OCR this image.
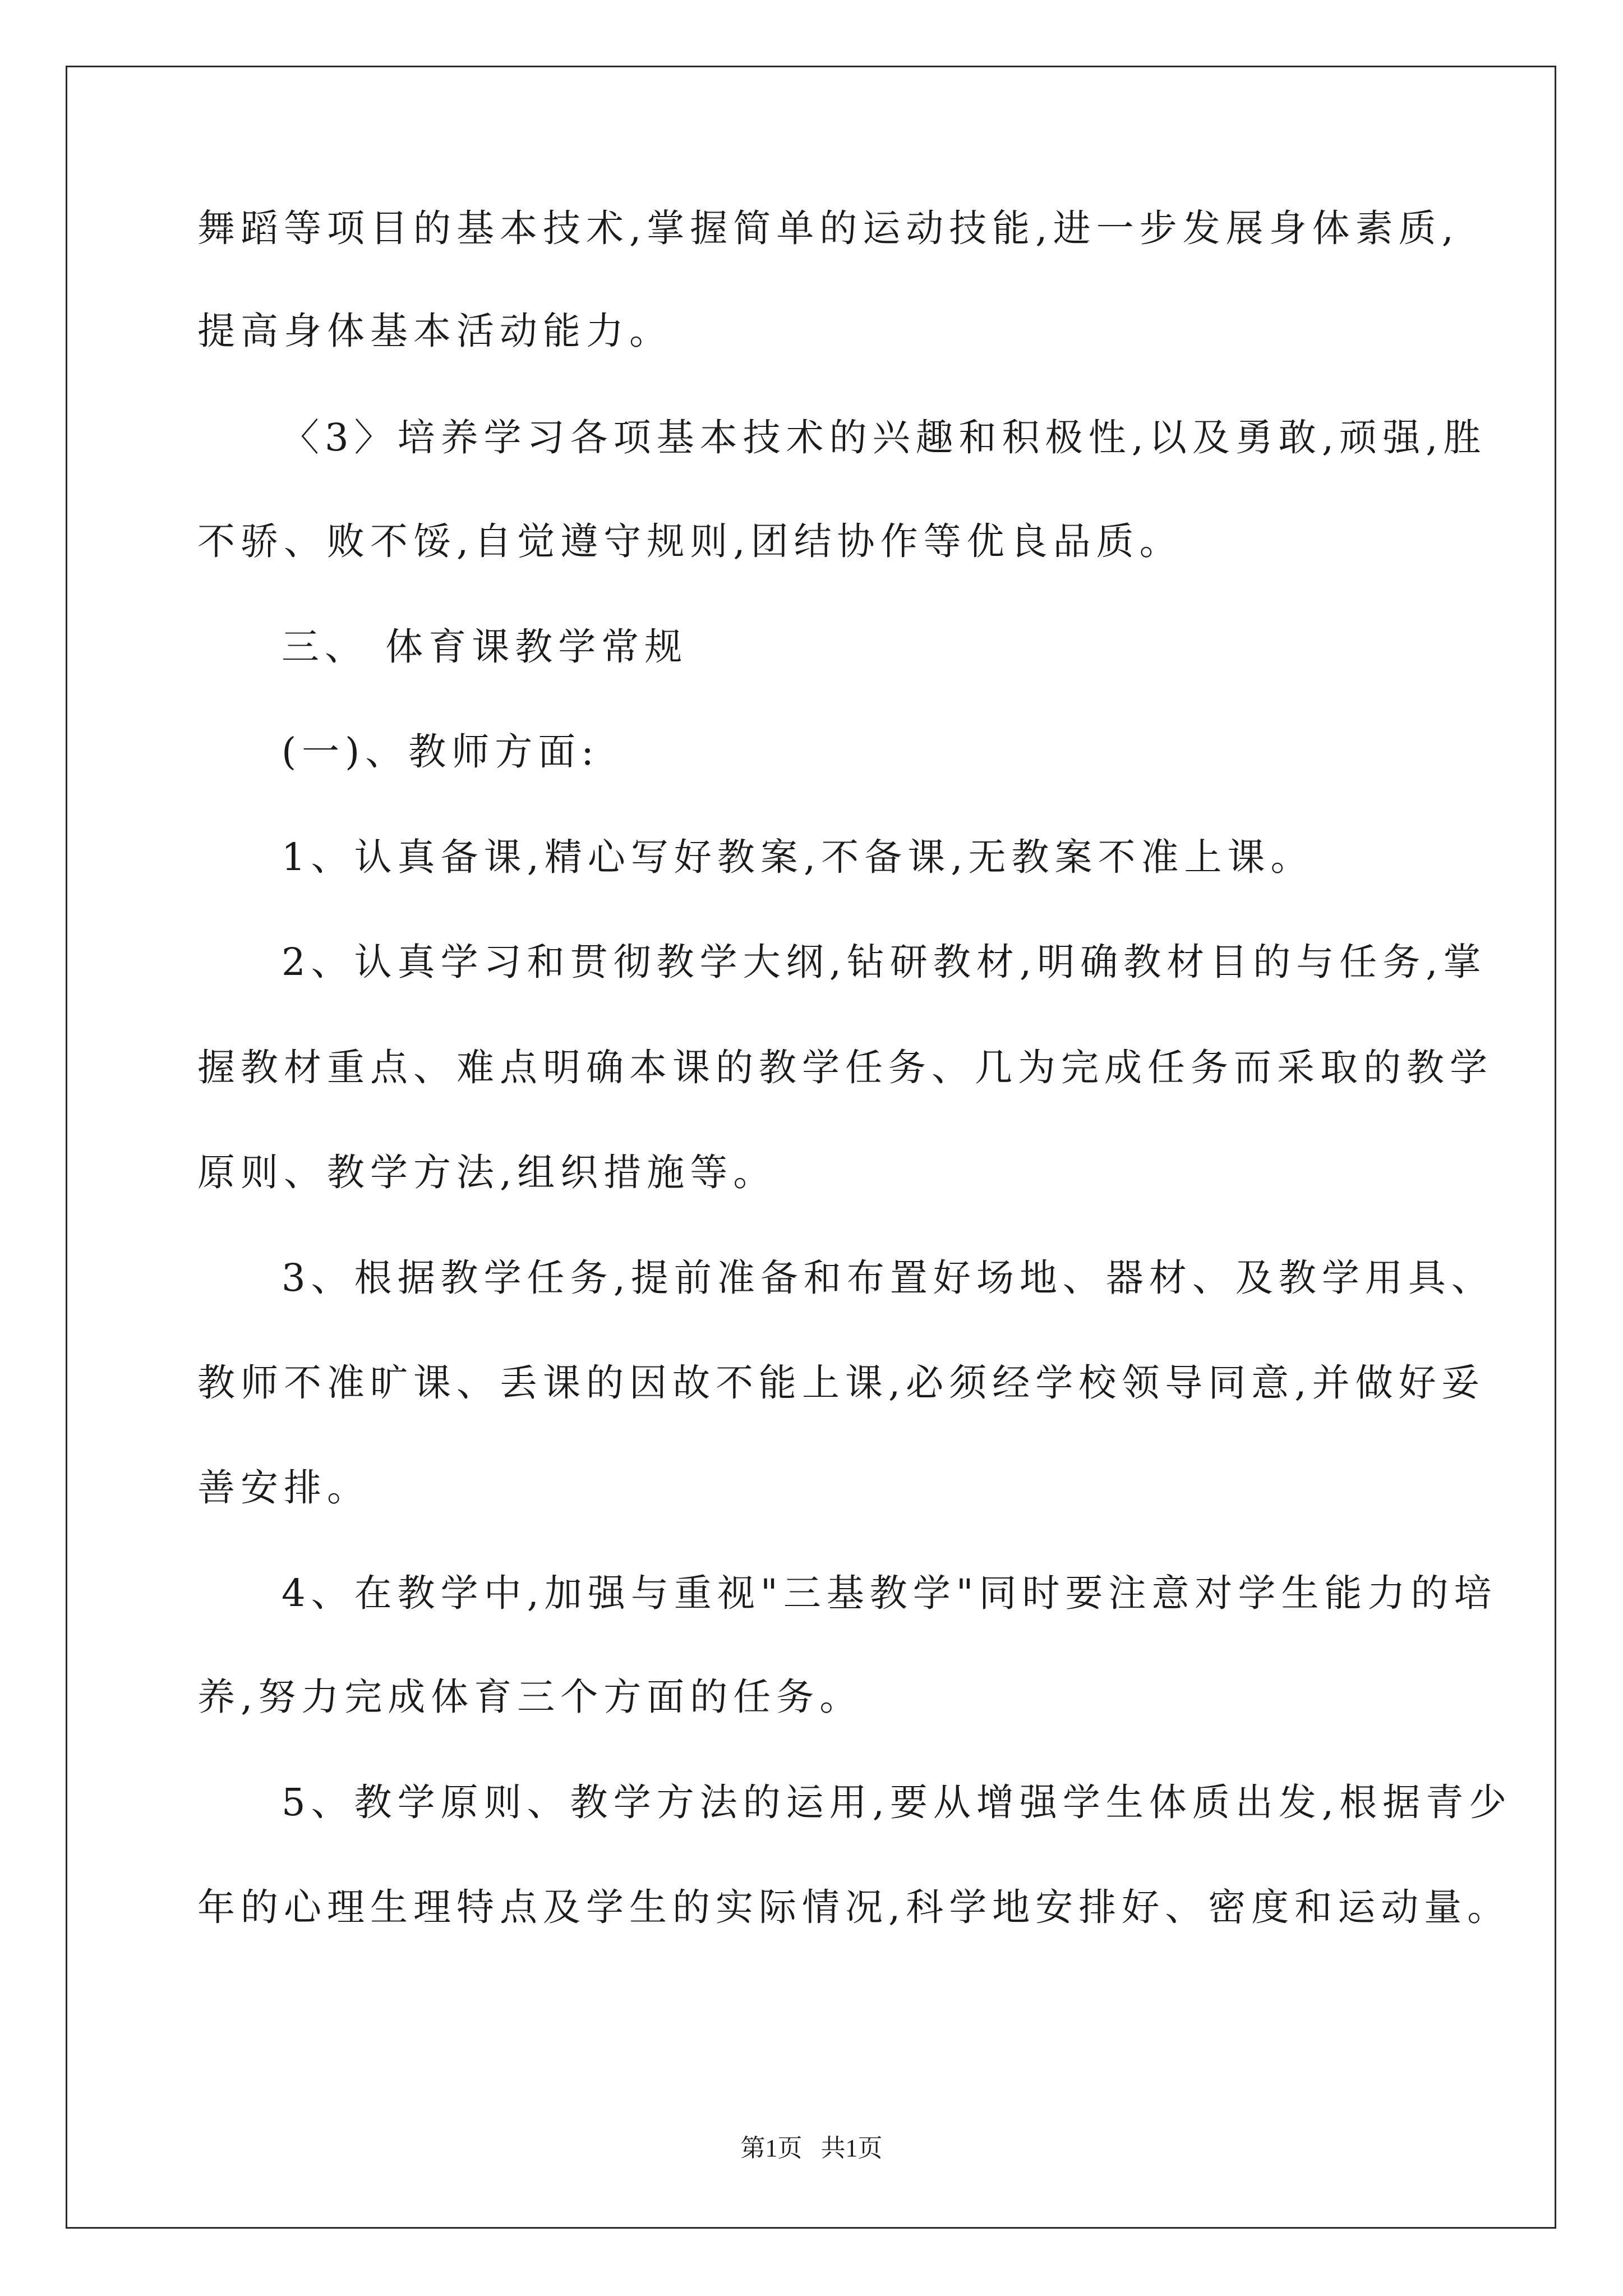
舞蹈等项目的基本技术,掌握简单的运动技能,进一步发展身体素质,

提高身体基本活动能力。

〈3〉培养学习各项基本技术的兴趣和积极性,以及勇敢,顽强,胜

不骄、败不馁,自觉遵守规则,团结协作等优良品质。

三、 体育课教学常规

(一)、教师方面:

1、认真备课,精心写好教案,不备课,无教案不准上课。

2、认真学习和贯彻教学大纲,钻研教材,明确教材目的与任务,掌

握教材重点、难点明确本课的教学任务、几为完成任务而采取的教学

原则、教学方法,组织措施等。

3、根据教学任务,提前准备和布置好场地、器材、及教学用具、

教师不准旷课、丢课的因故不能上课,必须经学校领导同意,并做好妥

善安排。

4、在教学中,加强与重视"三基教学"同时要注意对学生能力的培

养,努力完成体育三个方面的任务。

5、教学原则、教学方法的运用,要从增强学生体质出发,根据青少

年的心理生理特点及学生的实际情况,科学地安排好、密度和运动量。

第1页   共1页
